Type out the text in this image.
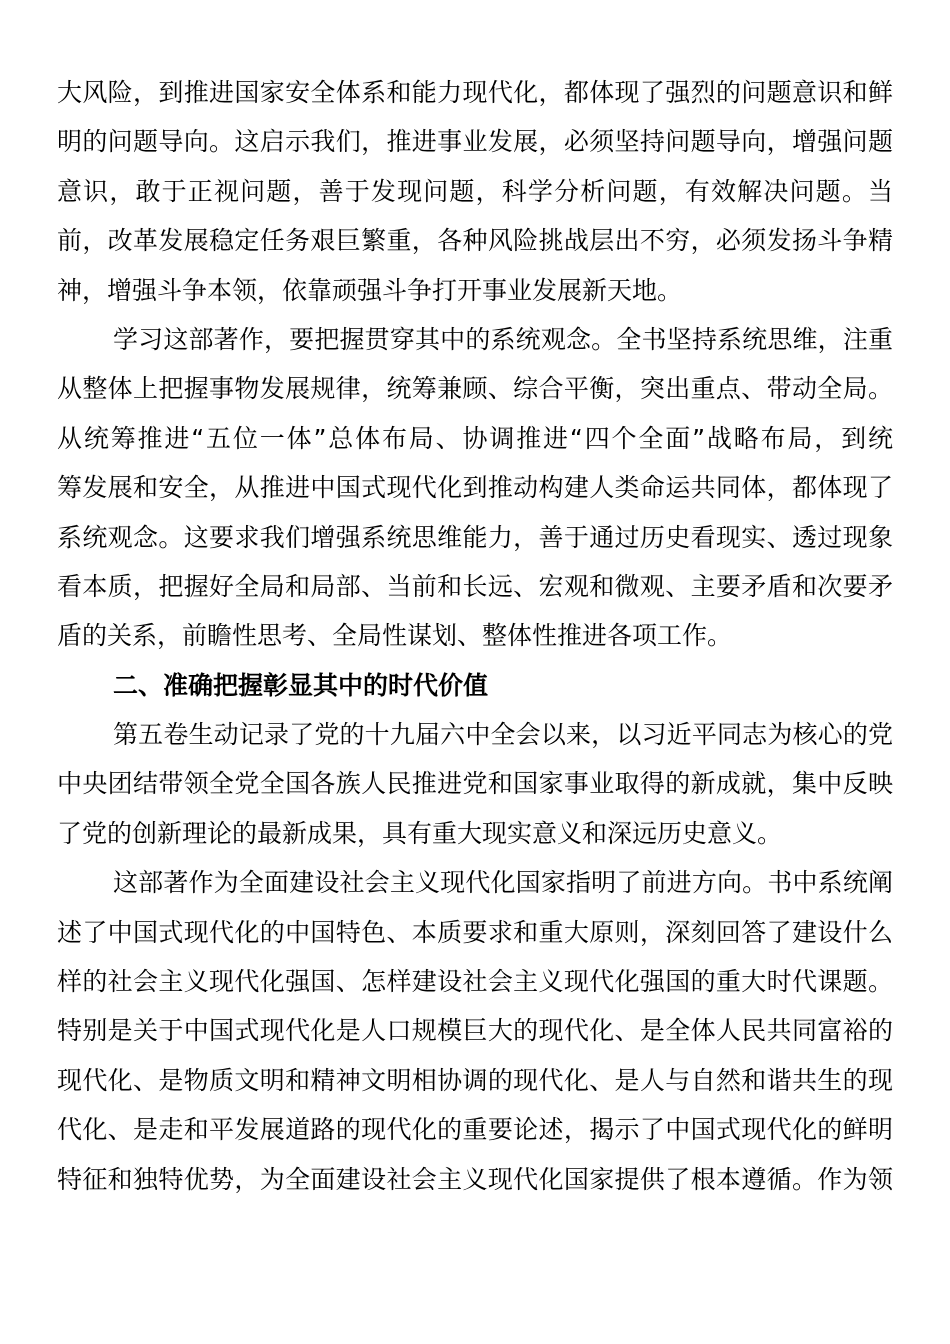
大风险，到推进国家安全体系和能力现代化，都体现了强烈的问题意识和鲜
明的问题导向。这启示我们，推进事业发展，必须坚持问题导向，增强问题
意识，敢于正视问题，善于发现问题，科学分析问题，有效解决问题。当
前，改革发展稳定任务艰巨繁重，各种风险挑战层出不穷，必须发扬斗争精
神，增强斗争本领，依靠顽强斗争打开事业发展新天地。
学习这部著作，要把握贯穿其中的系统观念。全书坚持系统思维，注重
从整体上把握事物发展规律，统筹兼顾、综合平衡，突出重点、带动全局。
从统筹推进“五位一体”总体布局、协调推进“四个全面”战略布局，到统
筹发展和安全，从推进中国式现代化到推动构建人类命运共同体，都体现了
系统观念。这要求我们增强系统思维能力，善于通过历史看现实、透过现象
看本质，把握好全局和局部、当前和长远、宏观和微观、主要矛盾和次要矛
盾的关系，前瞻性思考、全局性谋划、整体性推进各项工作。
二、准确把握彰显其中的时代价值
第五卷生动记录了党的十九届六中全会以来，以习近平同志为核心的党
中央团结带领全党全国各族人民推进党和国家事业取得的新成就，集中反映
了党的创新理论的最新成果，具有重大现实意义和深远历史意义。
这部著作为全面建设社会主义现代化国家指明了前进方向。书中系统阐
述了中国式现代化的中国特色、本质要求和重大原则，深刻回答了建设什么
样的社会主义现代化强国、怎样建设社会主义现代化强国的重大时代课题。
特别是关于中国式现代化是人口规模巨大的现代化、是全体人民共同富裕的
现代化、是物质文明和精神文明相协调的现代化、是人与自然和谐共生的现
代化、是走和平发展道路的现代化的重要论述，揭示了中国式现代化的鲜明
特征和独特优势，为全面建设社会主义现代化国家提供了根本遵循。作为领
